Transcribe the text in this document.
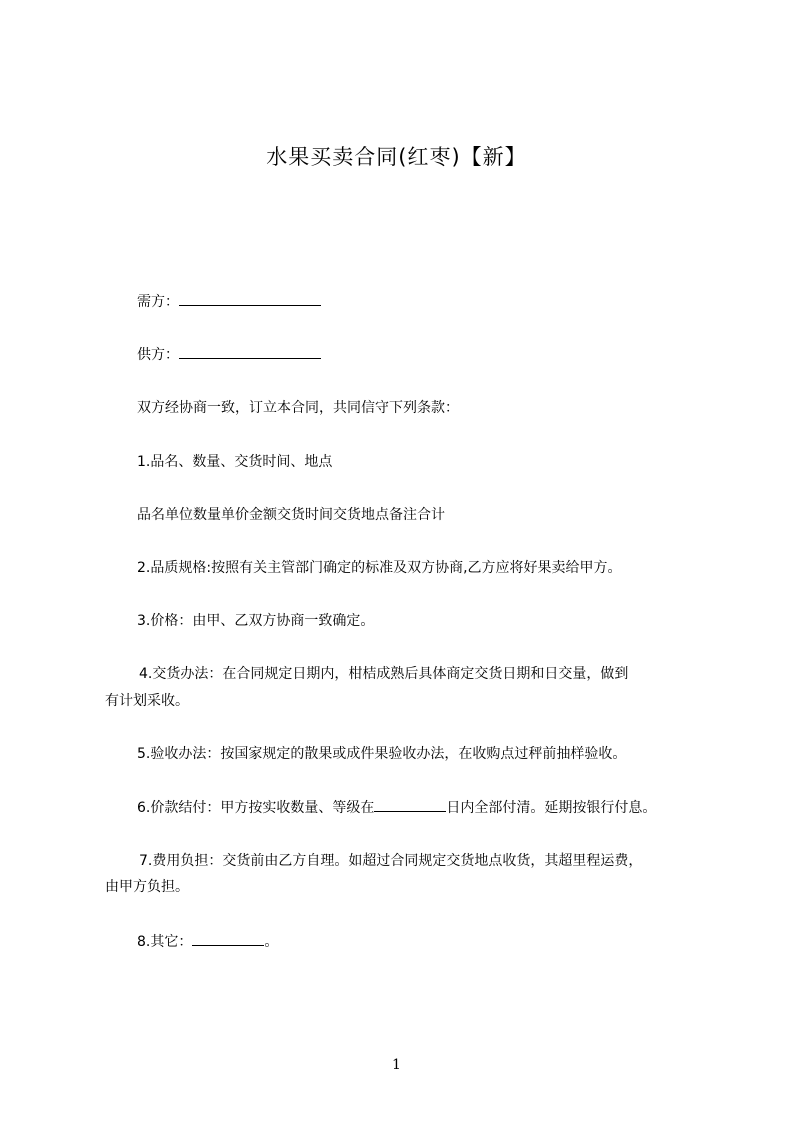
水果买卖合同(红枣)【新】
需方：
供方：
双方经协商一致，订立本合同，共同信守下列条款：
1.品名、数量、交货时间、地点
品名单位数量单价金额交货时间交货地点备注合计
2.品质规格:按照有关主管部门确定的标准及双方协商,乙方应将好果卖给甲方。
3.价格：由甲、乙双方协商一致确定。
4.交货办法：在合同规定日期内，柑桔成熟后具体商定交货日期和日交量，做到
有计划采收。
5.验收办法：按国家规定的散果或成件果验收办法，在收购点过秤前抽样验收。
6.价款结付：甲方按实收数量、等级在	日内全部付清。延期按银行付息。
7.费用负担：交货前由乙方自理。如超过合同规定交货地点收货，其超里程运费，
由甲方负担。
8.其它：	。
1
